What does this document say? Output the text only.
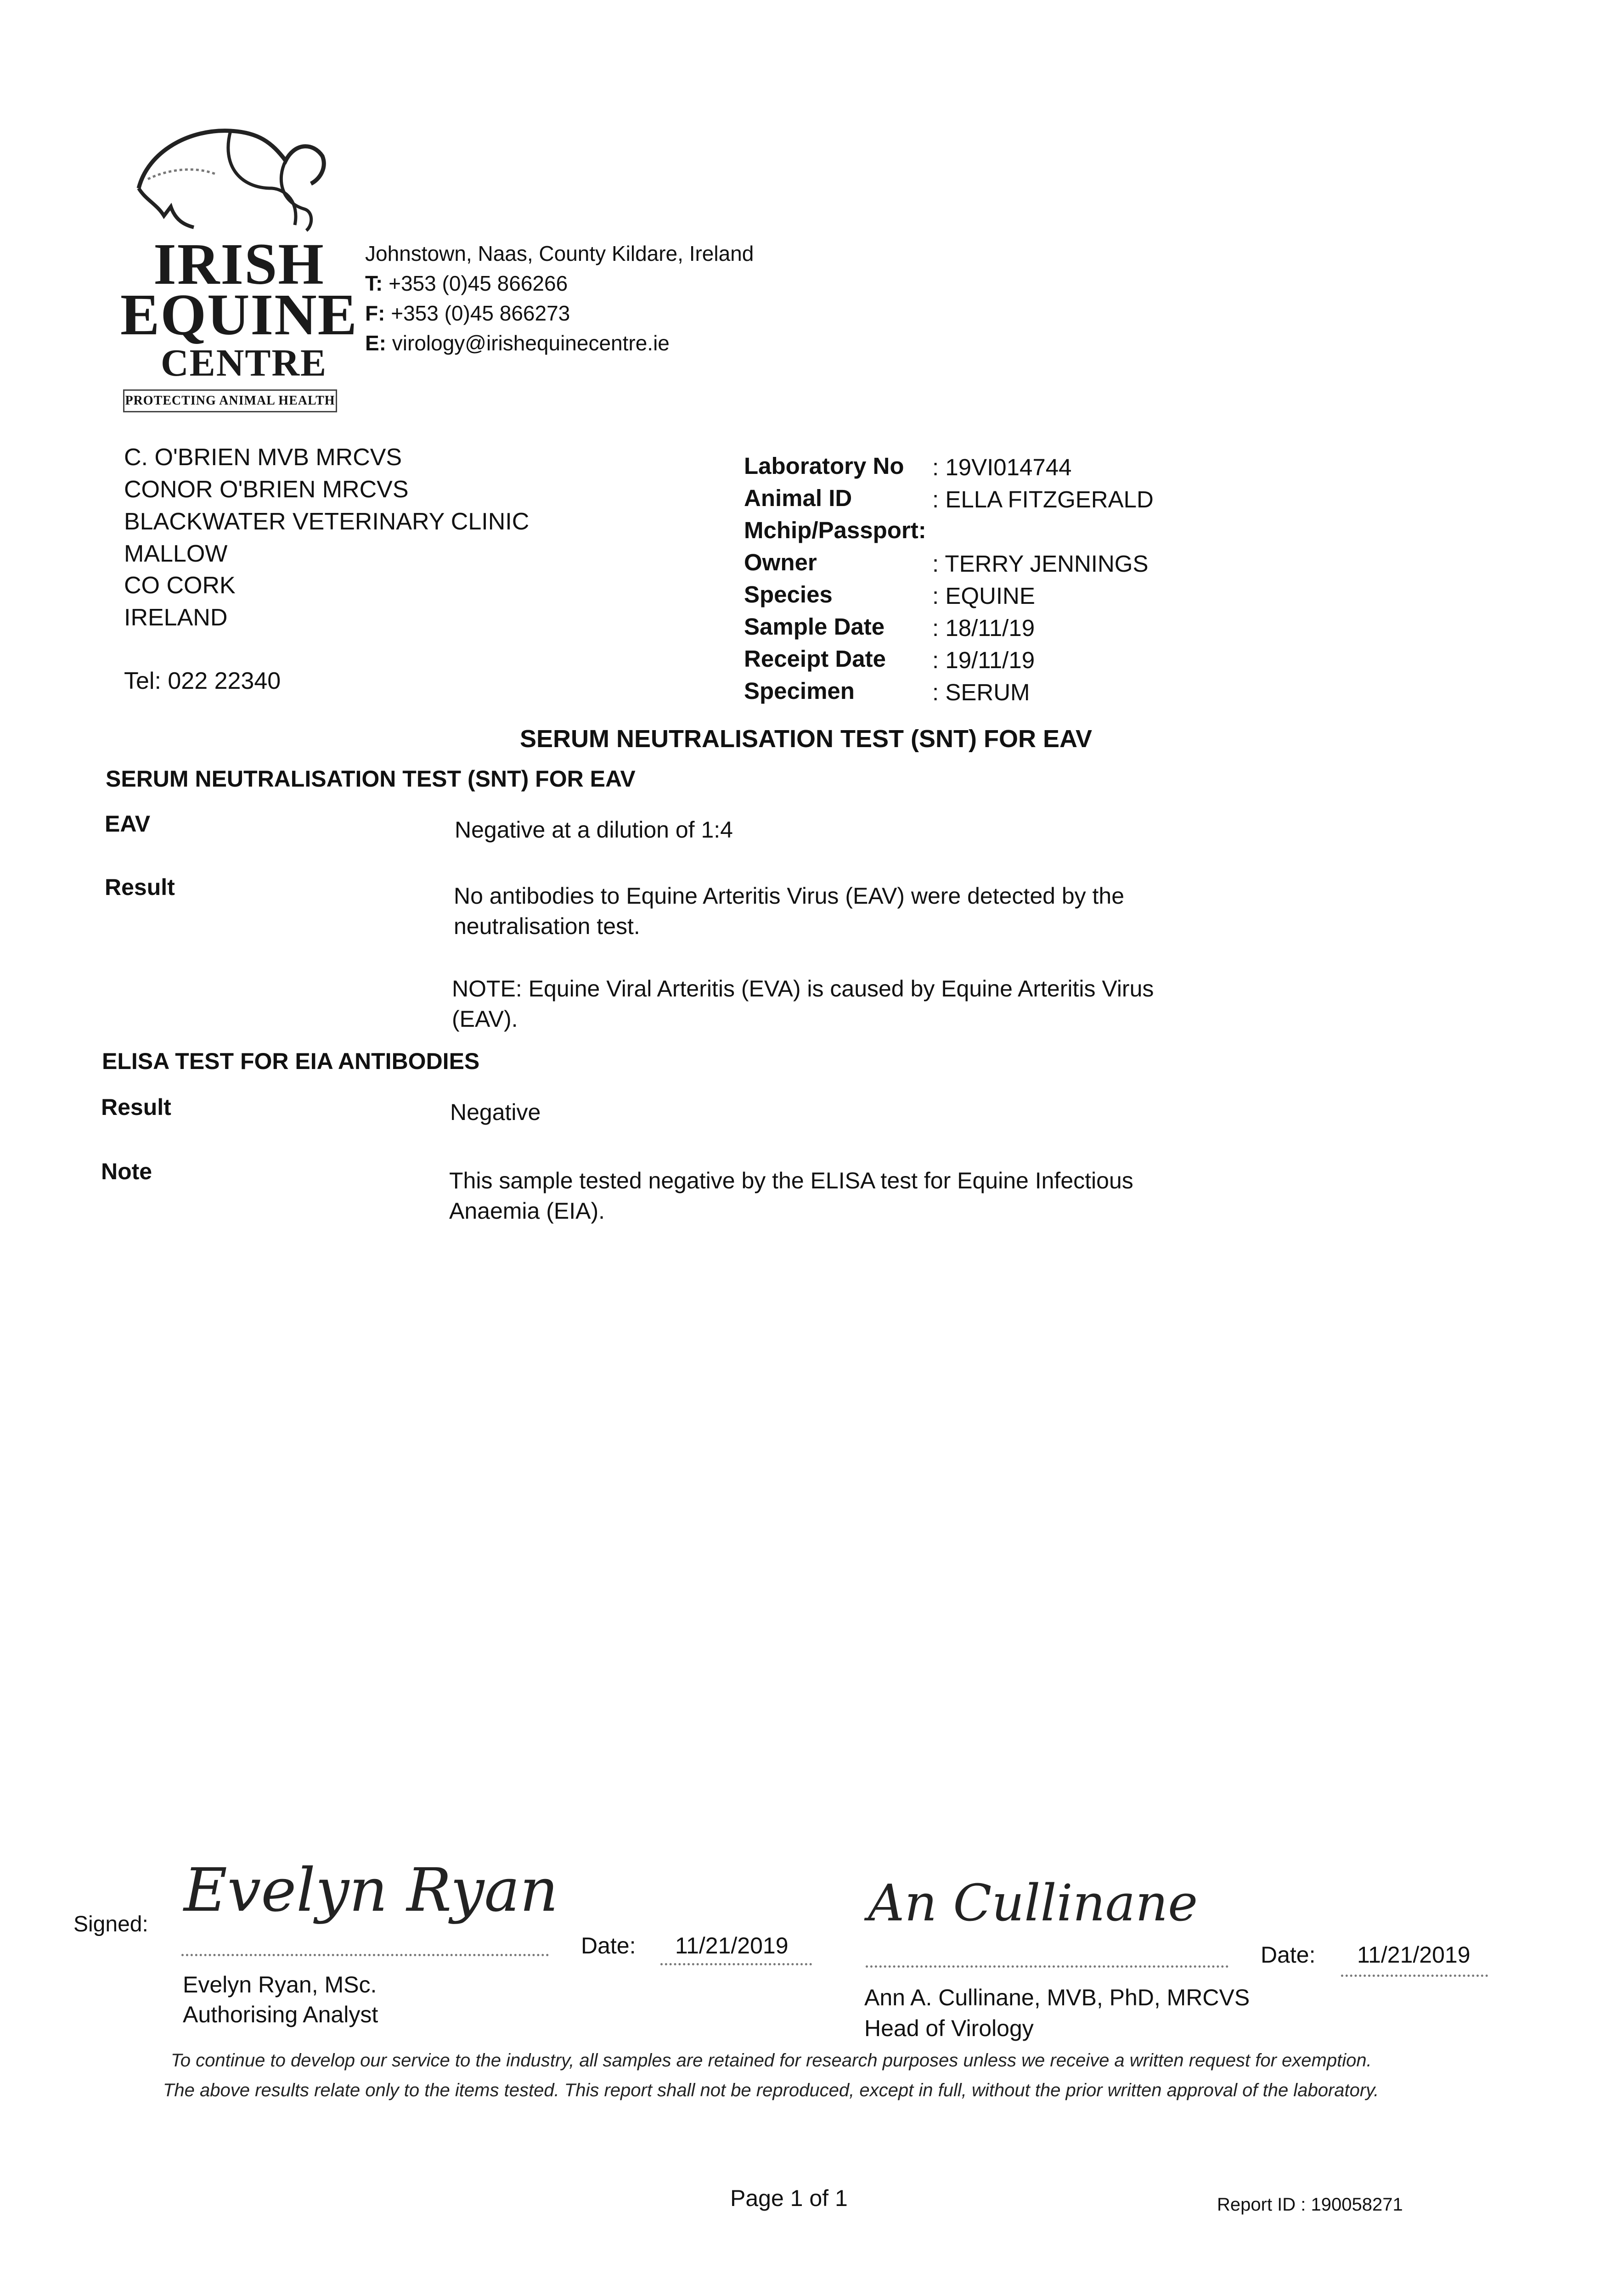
IRISH
EQUINE
CENTRE
PROTECTING ANIMAL HEALTH
Johnstown, Naas, County Kildare, Ireland
T: +353 (0)45 866266
F: +353 (0)45 866273
E: virology@irishequinecentre.ie
C. O'BRIEN MVB MRCVS
CONOR O'BRIEN MRCVS
BLACKWATER VETERINARY CLINIC
MALLOW
CO CORK
IRELAND
Tel: 022 22340
Laboratory No : 19VI014744
Animal ID	: ELLA FITZGERALD
Mchip/Passport:
Owner	: TERRY JENNINGS
Species	: EQUINE
Sample Date : 18/11/19
Receipt Date : 19/11/19
Specimen	: SERUM
SERUM NEUTRALISATION TEST (SNT) FOR EAV
SERUM NEUTRALISATION TEST (SNT) FOR EAV
EAV	Negative at a dilution of 1:4
Result	No antibodies to Equine Arteritis Virus (EAV) were detected by the neutralisation test.
NOTE: Equine Viral Arteritis (EVA) is caused by Equine Arteritis Virus (EAV).
ELISA TEST FOR EIA ANTIBODIES
Result	Negative
Note	This sample tested negative by the ELISA test for Equine Infectious Anaemia (EIA).
Signed: Evelyn Ryan
Evelyn Ryan, MSc.
Authorising Analyst
Date: 11/21/2019
An Cullinane
Ann A. Cullinane, MVB, PhD, MRCVS
Head of Virology
Date: 11/21/2019
To continue to develop our service to the industry, all samples are retained for research purposes unless we receive a written request for exemption.
The above results relate only to the items tested. This report shall not be reproduced, except in full, without the prior written approval of the laboratory.
Page 1 of 1	Report ID : 190058271
